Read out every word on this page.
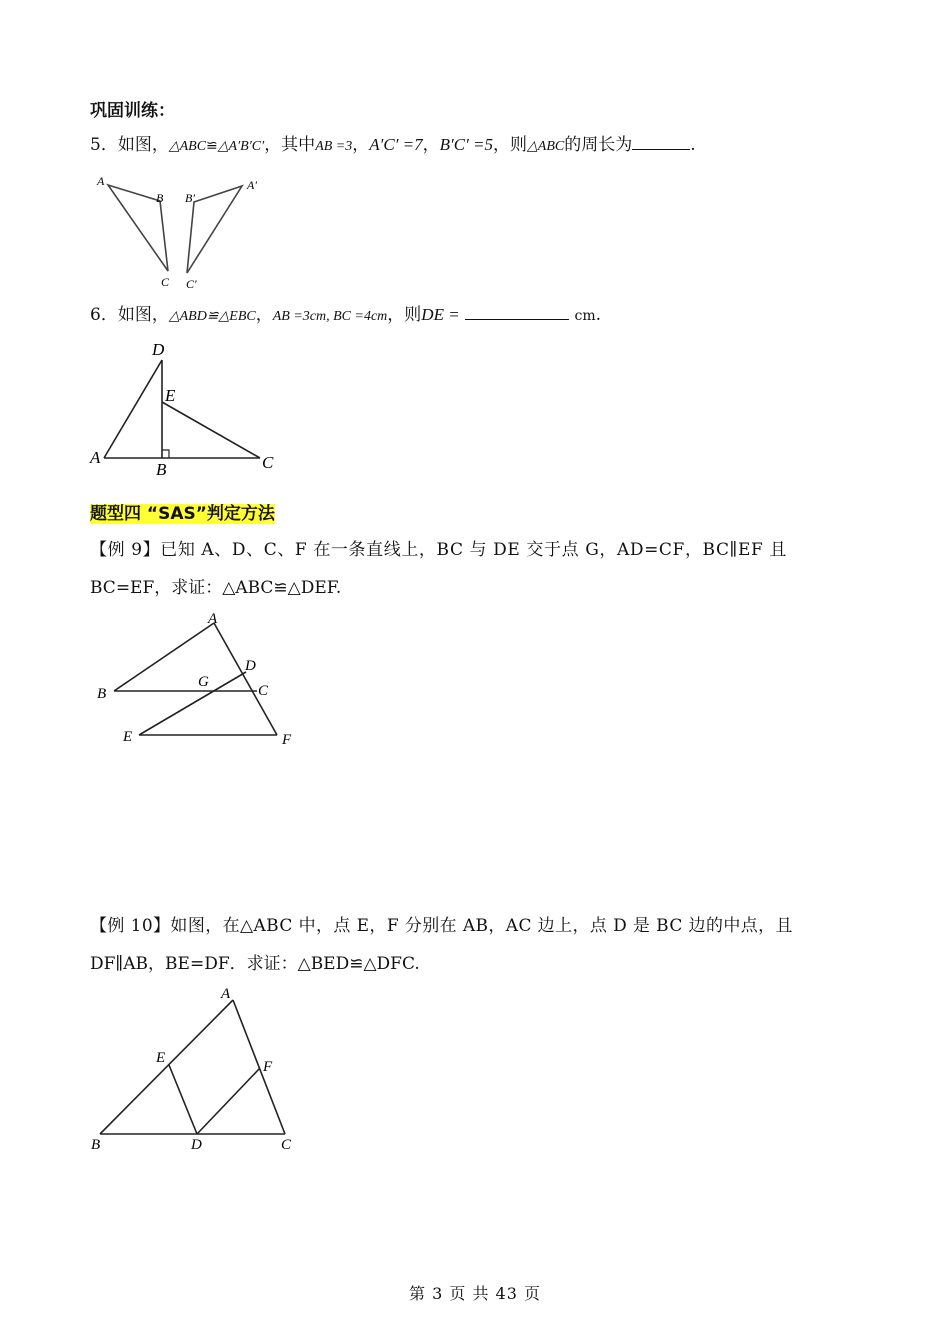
巩固训练：
5．如图，△ABC≌△A′B′C′，其中AB =3，A′C′ =7，B′C′ =5，则△ABC的周长为	.
A
B
C
B′
A′
C′
6．如图，△ABD≌△EBC，AB =3cm, BC =4cm，则DE =	cm.
D
E
A
B	C
题型四 “SAS”判定方法
【例 9】已知 A、D、C、F 在一条直线上，BC 与 DE 交于点 G，AD=CF，BC∥EF 且
BC=EF，求证：△ABC≌△DEF.
A
D
G
C
B
E	F
【例 10】如图，在△ABC 中，点 E，F 分别在 AB，AC 边上，点 D 是 BC 边的中点，且
DF∥AB，BE=DF．求证：△BED≌△DFC.
A
E
F
B	D	C
第 3 页 共 43 页
